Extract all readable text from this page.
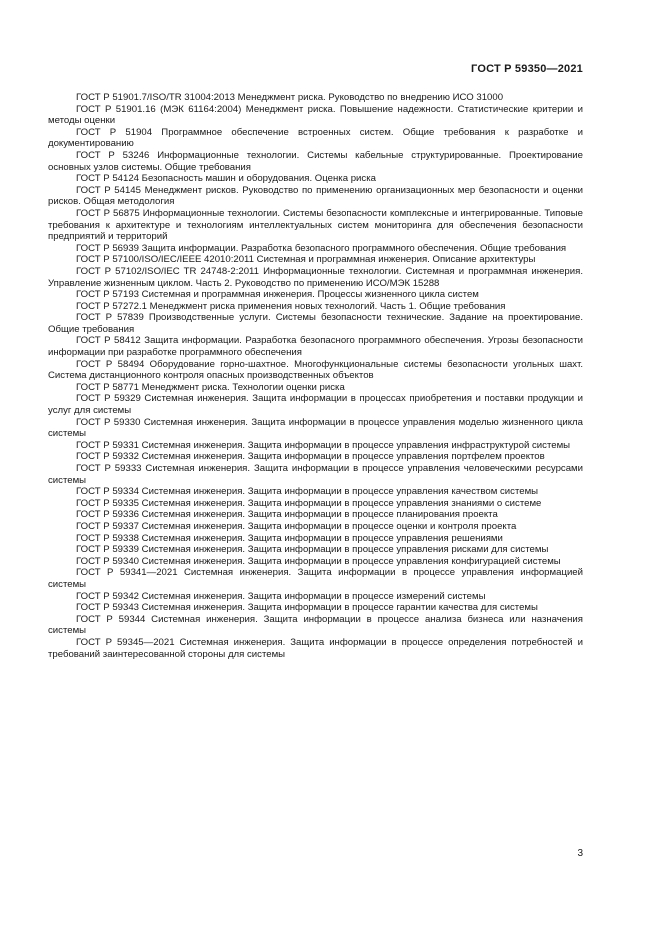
ГОСТ Р 59350—2021

ГОСТ Р 51901.7/ISO/TR 31004:2013 Менеджмент риска. Руководство по внедрению ИСО 31000

ГОСТ Р 51901.16 (МЭК 61164:2004) Менеджмент риска. Повышение надежности. Статистические критерии и методы оценки

ГОСТ Р 51904 Программное обеспечение встроенных систем. Общие требования к разработке и документированию

ГОСТ Р 53246 Информационные технологии. Системы кабельные структурированные. Проектирование основных узлов системы. Общие требования

ГОСТ Р 54124 Безопасность машин и оборудования. Оценка риска

ГОСТ Р 54145 Менеджмент рисков. Руководство по применению организационных мер безопасности и оценки рисков. Общая методология

ГОСТ Р 56875 Информационные технологии. Системы безопасности комплексные и интегрированные. Типовые требования к архитектуре и технологиям интеллектуальных систем мониторинга для обеспечения безопасности предприятий и территорий

ГОСТ Р 56939 Защита информации. Разработка безопасного программного обеспечения. Общие требования

ГОСТ Р 57100/ISO/IEC/IEEE 42010:2011 Системная и программная инженерия. Описание архитектуры

ГОСТ Р 57102/ISO/IEC TR 24748-2:2011 Информационные технологии. Системная и программная инженерия. Управление жизненным циклом. Часть 2. Руководство по применению ИСО/МЭК 15288

ГОСТ Р 57193 Системная и программная инженерия. Процессы жизненного цикла систем

ГОСТ Р 57272.1 Менеджмент риска применения новых технологий. Часть 1. Общие требования

ГОСТ Р 57839 Производственные услуги. Системы безопасности технические. Задание на проектирование. Общие требования

ГОСТ Р 58412 Защита информации. Разработка безопасного программного обеспечения. Угрозы безопасности информации при разработке программного обеспечения

ГОСТ Р 58494 Оборудование горно-шахтное. Многофункциональные системы безопасности угольных шахт. Система дистанционного контроля опасных производственных объектов

ГОСТ Р 58771 Менеджмент риска. Технологии оценки риска

ГОСТ Р 59329 Системная инженерия. Защита информации в процессах приобретения и поставки продукции и услуг для системы

ГОСТ Р 59330 Системная инженерия. Защита информации в процессе управления моделью жизненного цикла системы

ГОСТ Р 59331 Системная инженерия. Защита информации в процессе управления инфраструктурой системы

ГОСТ Р 59332 Системная инженерия. Защита информации в процессе управления портфелем проектов

ГОСТ Р 59333 Системная инженерия. Защита информации в процессе управления человеческими ресурсами системы

ГОСТ Р 59334 Системная инженерия. Защита информации в процессе управления качеством системы

ГОСТ Р 59335 Системная инженерия. Защита информации в процессе управления знаниями о системе

ГОСТ Р 59336 Системная инженерия. Защита информации в процессе планирования проекта

ГОСТ Р 59337 Системная инженерия. Защита информации в процессе оценки и контроля проекта

ГОСТ Р 59338 Системная инженерия. Защита информации в процессе управления решениями

ГОСТ Р 59339 Системная инженерия. Защита информации в процессе управления рисками для системы

ГОСТ Р 59340 Системная инженерия. Защита информации в процессе управления конфигурацией системы

ГОСТ Р 59341—2021 Системная инженерия. Защита информации в процессе управления информацией системы

ГОСТ Р 59342 Системная инженерия. Защита информации в процессе измерений системы

ГОСТ Р 59343 Системная инженерия. Защита информации в процессе гарантии качества для системы

ГОСТ Р 59344 Системная инженерия. Защита информации в процессе анализа бизнеса или назначения системы

ГОСТ Р 59345—2021 Системная инженерия. Защита информации в процессе определения потребностей и требований заинтересованной стороны для системы

3
